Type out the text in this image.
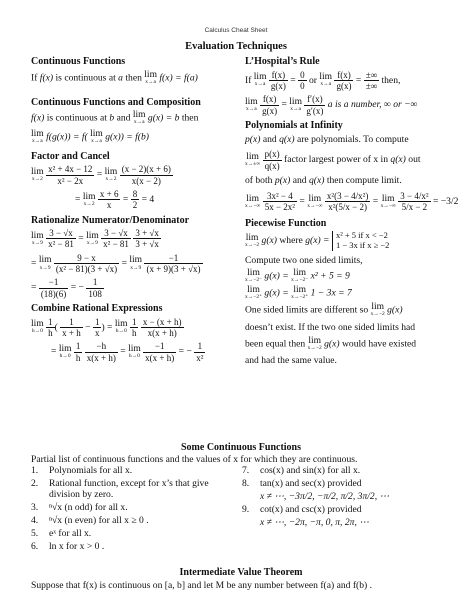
Calculus Cheat Sheet
Evaluation Techniques

Continuous Functions

If f(x) is continuous at a then lim
x→a f(x) = f(a)

Continuous Functions and Composition

f(x) is continuous at b and lim
x→a g(x) = b then

lim
x→a f(g(x)) = f( lim
x→a g(x)) = f(b)

Factor and Cancel

lim
x→2
$\frac{\text{x² + 4x − 12}}{\text{x² − 2x}} = \lim$
x→2
$\frac{(x - 2)(x + 6)}{x(x - 2)}$

= lim
x→2
$\frac{x + 6}{x} = \frac{8}{2} = 4$

Rationalize Numerator/Denominator

lim
x→9
$\frac{3 - √x}{\text{x² − 81}} = \lim$
x→9
$\frac{3 - √x}{\text{x² − 81}}$
$\frac{3 + √x}{3 + √x}$

= lim
x→9
$\frac{9 - x}{\text{(x² − 81)(3 + √x)}} = \lim$
x→9
$\frac{-1}{(x + 9)(3 + √x)}$

= $\frac{-1}{(18)(6)}$ = − $\frac{1}{108}$

Combine Rational Expressions

lim
h→0
$\frac{1}{h}$ ( $\frac{1}{x + h} - \frac{1}{x}$ ) = lim
h→0
$\frac{1}{h}$
$\frac{x - (x + h)}{x(x + h)}$

= lim
h→0
$\frac{1}{h}$
$\frac{-h}{x(x + h)} = \lim$
h→0
$\frac{-1}{x(x + h)}$ = − $\frac{1}{\text{x²}}$

L’Hospital’s Rule

If lim
x→a
$\frac{f(x)}{g(x)} = \frac{0}{0}$ or lim
x→a
$\frac{f(x)}{g(x)} = \frac{\pm\infty}{\pm\infty}$ then,

lim
x→a
$\frac{f(x)}{g(x)} = \lim$
x→a
$\frac{f'(x)}{g'(x)}$ a is a number, ∞ or −∞

Polynomials at Infinity

p(x) and q(x) are polynomials. To compute

lim
x→±∞
$\frac{p(x)}{q(x)}$ factor largest power of x in q(x) out

of both p(x) and q(x) then compute limit.

lim
x→−∞
$\frac{\text{3x² − 4}}{\text{5x − 2x²}} = \lim$
x→−∞
$\frac{\text{x²(3 − 4/x²)}}{\text{x²(5/x − 2)}} = \lim$
x→−∞
$\frac{\text{3 − 4/x²}}{5/x - 2} = -3/2$

Piecewise Function

lim
x→−2 g(x) where g(x) = x² + 5 if x < −2
1 − 3x if x ≥ −2

Compute two one sided limits,

lim
x→−2⁻ g(x) = lim
x→−2⁻ x² + 5 = 9

lim
x→−2⁺ g(x) = lim
x→−2⁺ 1 − 3x = 7

One sided limits are different so lim
x→−2 g(x)

doesn’t exist. If the two one sided limits had

been equal then lim
x→−2 g(x) would have existed

and had the same value.

Some Continuous Functions

Partial list of continuous functions and the values of x for which they are continuous.

1. Polynomials for all x.
2. Rational function, except for x’s that give division by zero.
3. ⁿ√x (n odd) for all x.
4. ⁿ√x (n even) for all x ≥ 0 .
5. eˣ for all x.
6. ln x for x > 0 .
7. cos(x) and sin(x) for all x.
8. tan(x) and sec(x) provided
x ≠ ⋯, −3π/2, −π/2, π/2, 3π/2, ⋯
9. cot(x) and csc(x) provided
x ≠ ⋯, −2π, −π, 0, π, 2π, ⋯

Intermediate Value Theorem

Suppose that f(x) is continuous on [a, b] and let M be any number between f(a) and f(b) .
